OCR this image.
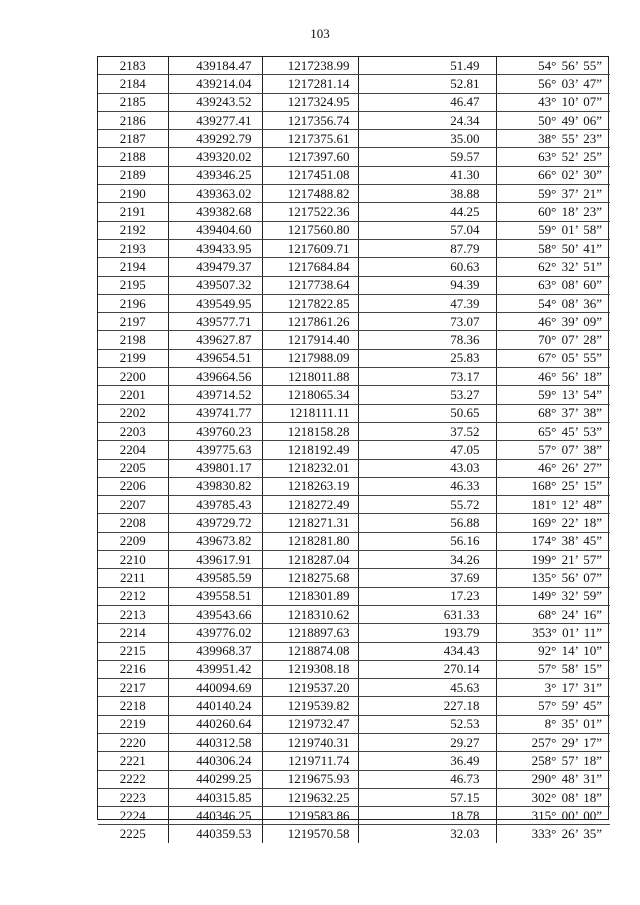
103
2183	439184.47	1217238.99	51.49	54° 56’ 55”
2184	439214.04	1217281.14	52.81	56° 03’ 47”
2185	439243.52	1217324.95	46.47	43° 10’ 07”
2186	439277.41	1217356.74	24.34	50° 49’ 06”
2187	439292.79	1217375.61	35.00	38° 55’ 23”
2188	439320.02	1217397.60	59.57	63° 52’ 25”
2189	439346.25	1217451.08	41.30	66° 02’ 30”
2190	439363.02	1217488.82	38.88	59° 37’ 21”
2191	439382.68	1217522.36	44.25	60° 18’ 23”
2192	439404.60	1217560.80	57.04	59° 01’ 58”
2193	439433.95	1217609.71	87.79	58° 50’ 41”
2194	439479.37	1217684.84	60.63	62° 32’ 51”
2195	439507.32	1217738.64	94.39	63° 08’ 60”
2196	439549.95	1217822.85	47.39	54° 08’ 36”
2197	439577.71	1217861.26	73.07	46° 39’ 09”
2198	439627.87	1217914.40	78.36	70° 07’ 28”
2199	439654.51	1217988.09	25.83	67° 05’ 55”
2200	439664.56	1218011.88	73.17	46° 56’ 18”
2201	439714.52	1218065.34	53.27	59° 13’ 54”
2202	439741.77	1218111.11	50.65	68° 37’ 38”
2203	439760.23	1218158.28	37.52	65° 45’ 53”
2204	439775.63	1218192.49	47.05	57° 07’ 38”
2205	439801.17	1218232.01	43.03	46° 26’ 27”
2206	439830.82	1218263.19	46.33	168° 25’ 15”
2207	439785.43	1218272.49	55.72	181° 12’ 48”
2208	439729.72	1218271.31	56.88	169° 22’ 18”
2209	439673.82	1218281.80	56.16	174° 38’ 45”
2210	439617.91	1218287.04	34.26	199° 21’ 57”
2211	439585.59	1218275.68	37.69	135° 56’ 07”
2212	439558.51	1218301.89	17.23	149° 32’ 59”
2213	439543.66	1218310.62	631.33	68° 24’ 16”
2214	439776.02	1218897.63	193.79	353° 01’ 11”
2215	439968.37	1218874.08	434.43	92° 14’ 10”
2216	439951.42	1219308.18	270.14	57° 58’ 15”
2217	440094.69	1219537.20	45.63	3° 17’ 31”
2218	440140.24	1219539.82	227.18	57° 59’ 45”
2219	440260.64	1219732.47	52.53	8° 35’ 01”
2220	440312.58	1219740.31	29.27	257° 29’ 17”
2221	440306.24	1219711.74	36.49	258° 57’ 18”
2222	440299.25	1219675.93	46.73	290° 48’ 31”
2223	440315.85	1219632.25	57.15	302° 08’ 18”
2224	440346.25	1219583.86	18.78	315° 00’ 00”
2225	440359.53	1219570.58	32.03	333° 26’ 35”
